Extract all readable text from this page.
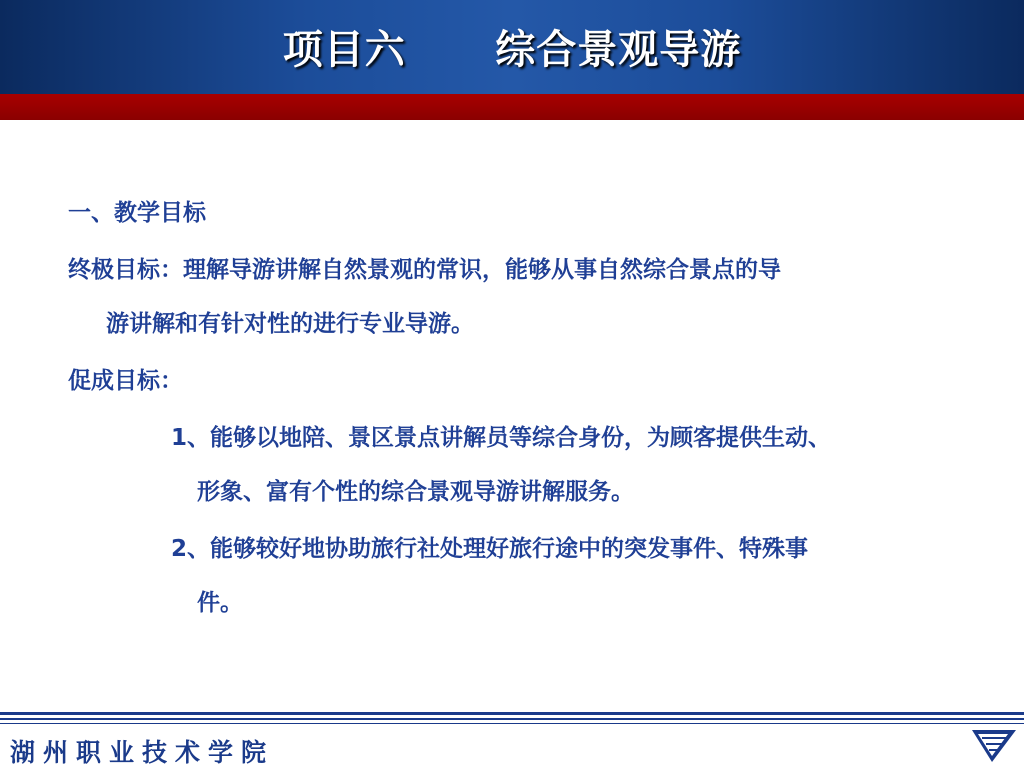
项目六      综合景观导游
一、教学目标
终极目标：理解导游讲解自然景观的常识，能够从事自然综合景点的导
游讲解和有针对性的进行专业导游。
促成目标：
1、能够以地陪、景区景点讲解员等综合身份，为顾客提供生动、
形象、富有个性的综合景观导游讲解服务。
2、能够较好地协助旅行社处理好旅行途中的突发事件、特殊事
件。
湖州职业技术学院
